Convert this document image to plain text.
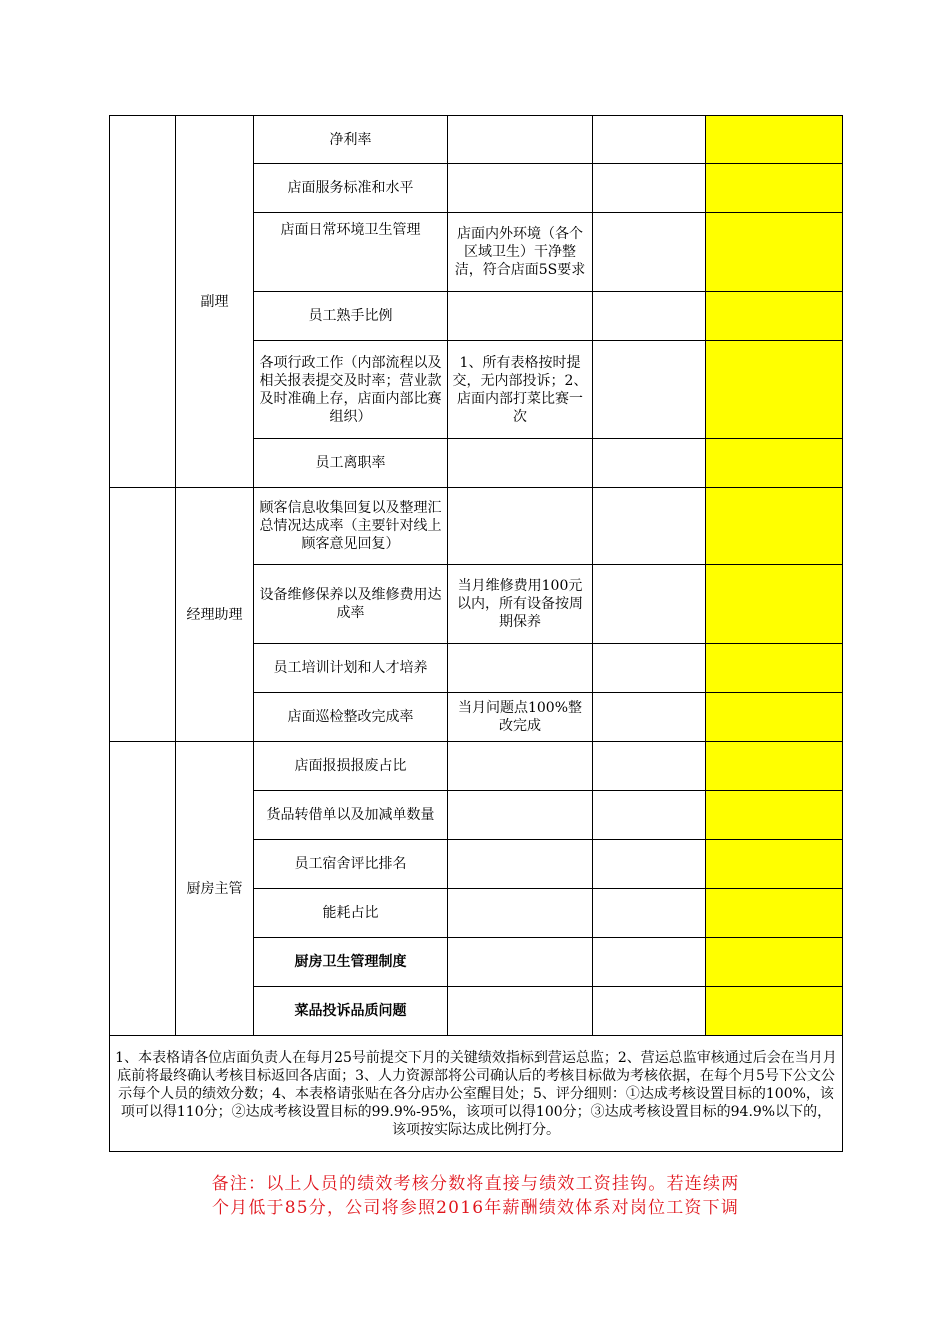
	副理	净利率			
		店面服务标准和水平			
		店面日常环境卫生管理	店面内外环境（各个区域卫生）干净整洁，符合店面5S要求		
		员工熟手比例			
		各项行政工作（内部流程以及相关报表提交及时率；营业款及时准确上存，店面内部比赛组织）	1、所有表格按时提交，无内部投诉；2、店面内部打菜比赛一次		
		员工离职率			
	经理助理	顾客信息收集回复以及整理汇总情况达成率（主要针对线上顾客意见回复）			
		设备维修保养以及维修费用达成率	当月维修费用100元以内，所有设备按周期保养		
		员工培训计划和人才培养			
		店面巡检整改完成率	当月问题点100%整改完成		
	厨房主管	店面报损报废占比			
		货品转借单以及加减单数量			
		员工宿舍评比排名			
		能耗占比			
		厨房卫生管理制度			
		菜品投诉品质问题			
1、本表格请各位店面负责人在每月25号前提交下月的关键绩效指标到营运总监；2、营运总监审核通过后会在当月月底前将最终确认考核目标返回各店面；3、人力资源部将公司确认后的考核目标做为考核依据，在每个月5号下公文公示每个人员的绩效分数；4、本表格请张贴在各分店办公室醒目处；5、评分细则：①达成考核设置目标的100%，该项可以得110分；②达成考核设置目标的99.9%-95%，该项可以得100分；③达成考核设置目标的94.9%以下的，该项按实际达成比例打分。					
备注：以上人员的绩效考核分数将直接与绩效工资挂钩。若连续两
个月低于85分，公司将参照2016年薪酬绩效体系对岗位工资下调
